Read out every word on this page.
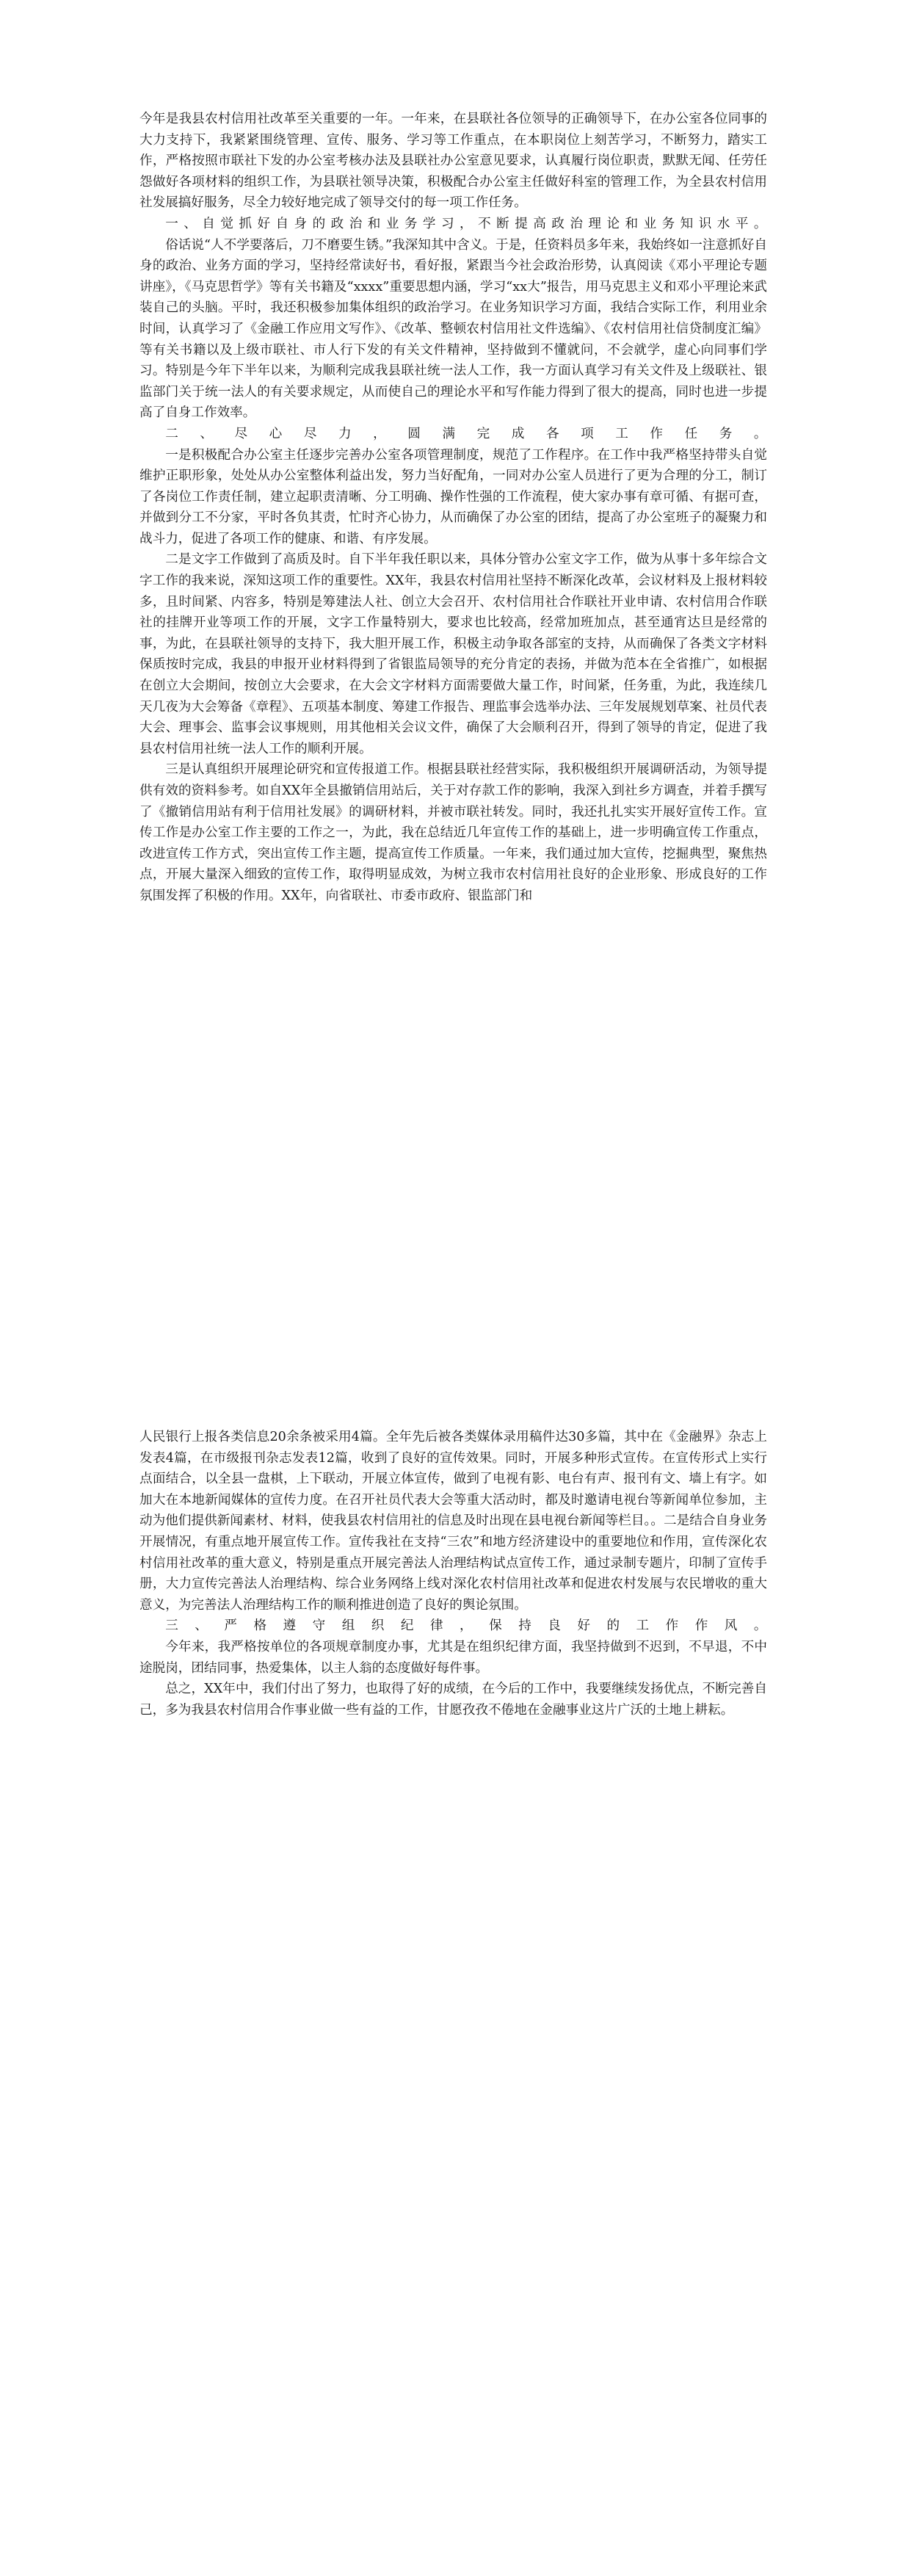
今年是我县农村信用社改革至关重要的一年。一年来，在县联社各位领导的正确领导下，在办公室各位同事的大力支持下，我紧紧围绕管理、宣传、服务、学习等工作重点，在本职岗位上刻苦学习，不断努力，踏实工作，严格按照市联社下发的办公室考核办法及县联社办公室意见要求，认真履行岗位职责，默默无闻、任劳任怨做好各项材料的组织工作，为县联社领导决策，积极配合办公室主任做好科室的管理工作，为全县农村信用社发展搞好服务，尽全力较好地完成了领导交付的每一项工作任务。

一、自觉抓好自身的政治和业务学习，不断提高政治理论和业务知识水平。

俗话说“人不学要落后，刀不磨要生锈。”我深知其中含义。于是，任资料员多年来，我始终如一注意抓好自身的政治、业务方面的学习，坚持经常读好书，看好报，紧跟当今社会政治形势，认真阅读《邓小平理论专题讲座》，《马克思哲学》等有关书籍及“xxxx”重要思想内涵，学习“xx大”报告，用马克思主义和邓小平理论来武装自己的头脑。平时，我还积极参加集体组织的政治学习。在业务知识学习方面，我结合实际工作，利用业余时间，认真学习了《金融工作应用文写作》、《改革、整顿农村信用社文件选编》、《农村信用社信贷制度汇编》等有关书籍以及上级市联社、市人行下发的有关文件精神，坚持做到不懂就问，不会就学，虚心向同事们学习。特别是今年下半年以来，为顺利完成我县联社统一法人工作，我一方面认真学习有关文件及上级联社、银监部门关于统一法人的有关要求规定，从而使自己的理论水平和写作能力得到了很大的提高，同时也进一步提高了自身工作效率。

二、尽心尽力，圆满完成各项工作任务。

一是积极配合办公室主任逐步完善办公室各项管理制度，规范了工作程序。在工作中我严格坚持带头自觉维护正职形象，处处从办公室整体利益出发，努力当好配角，一同对办公室人员进行了更为合理的分工，制订了各岗位工作责任制，建立起职责清晰、分工明确、操作性强的工作流程，使大家办事有章可循、有据可查，并做到分工不分家，平时各负其责，忙时齐心协力，从而确保了办公室的团结，提高了办公室班子的凝聚力和战斗力，促进了各项工作的健康、和谐、有序发展。

二是文字工作做到了高质及时。自下半年我任职以来，具体分管办公室文字工作，做为从事十多年综合文字工作的我来说，深知这项工作的重要性。XX年，我县农村信用社坚持不断深化改革，会议材料及上报材料较多，且时间紧、内容多，特别是筹建法人社、创立大会召开、农村信用社合作联社开业申请、农村信用合作联社的挂牌开业等项工作的开展，文字工作量特别大，要求也比较高，经常加班加点，甚至通宵达旦是经常的事，为此，在县联社领导的支持下，我大胆开展工作，积极主动争取各部室的支持，从而确保了各类文字材料保质按时完成，我县的申报开业材料得到了省银监局领导的充分肯定的表扬，并做为范本在全省推广，如根据在创立大会期间，按创立大会要求，在大会文字材料方面需要做大量工作，时间紧，任务重，为此，我连续几天几夜为大会筹备《章程》、五项基本制度、筹建工作报告、理监事会选举办法、三年发展规划草案、社员代表大会、理事会、监事会议事规则，用其他相关会议文件，确保了大会顺利召开，得到了领导的肯定，促进了我县农村信用社统一法人工作的顺利开展。

三是认真组织开展理论研究和宣传报道工作。根据县联社经营实际，我积极组织开展调研活动，为领导提供有效的资料参考。如自XX年全县撤销信用站后，关于对存款工作的影响，我深入到社乡方调查，并着手撰写了《撤销信用站有利于信用社发展》的调研材料，并被市联社转发。同时，我还扎扎实实开展好宣传工作。宣传工作是办公室工作主要的工作之一，为此，我在总结近几年宣传工作的基础上，进一步明确宣传工作重点，改进宣传工作方式，突出宣传工作主题，提高宣传工作质量。一年来，我们通过加大宣传，挖掘典型，聚焦热点，开展大量深入细致的宣传工作，取得明显成效，为树立我市农村信用社良好的企业形象、形成良好的工作氛围发挥了积极的作用。XX年，向省联社、市委市政府、银监部门和

人民银行上报各类信息20余条被采用4篇。全年先后被各类媒体录用稿件达30多篇，其中在《金融界》杂志上发表4篇，在市级报刊杂志发表12篇，收到了良好的宣传效果。同时，开展多种形式宣传。在宣传形式上实行点面结合，以全县一盘棋，上下联动，开展立体宣传，做到了电视有影、电台有声、报刊有文、墙上有字。如加大在本地新闻媒体的宣传力度。在召开社员代表大会等重大活动时，都及时邀请电视台等新闻单位参加，主动为他们提供新闻素材、材料，使我县农村信用社的信息及时出现在县电视台新闻等栏目。。二是结合自身业务开展情况，有重点地开展宣传工作。宣传我社在支持“三农”和地方经济建设中的重要地位和作用，宣传深化农村信用社改革的重大意义，特别是重点开展完善法人治理结构试点宣传工作，通过录制专题片，印制了宣传手册，大力宣传完善法人治理结构、综合业务网络上线对深化农村信用社改革和促进农村发展与农民增收的重大意义，为完善法人治理结构工作的顺利推进创造了良好的舆论氛围。

三、严格遵守组织纪律，保持良好的工作作风。

今年来，我严格按单位的各项规章制度办事，尤其是在组织纪律方面，我坚持做到不迟到，不早退，不中途脱岗，团结同事，热爱集体，以主人翁的态度做好每件事。

总之，XX年中，我们付出了努力，也取得了好的成绩，在今后的工作中，我要继续发扬优点，不断完善自己，多为我县农村信用合作事业做一些有益的工作，甘愿孜孜不倦地在金融事业这片广沃的土地上耕耘。
